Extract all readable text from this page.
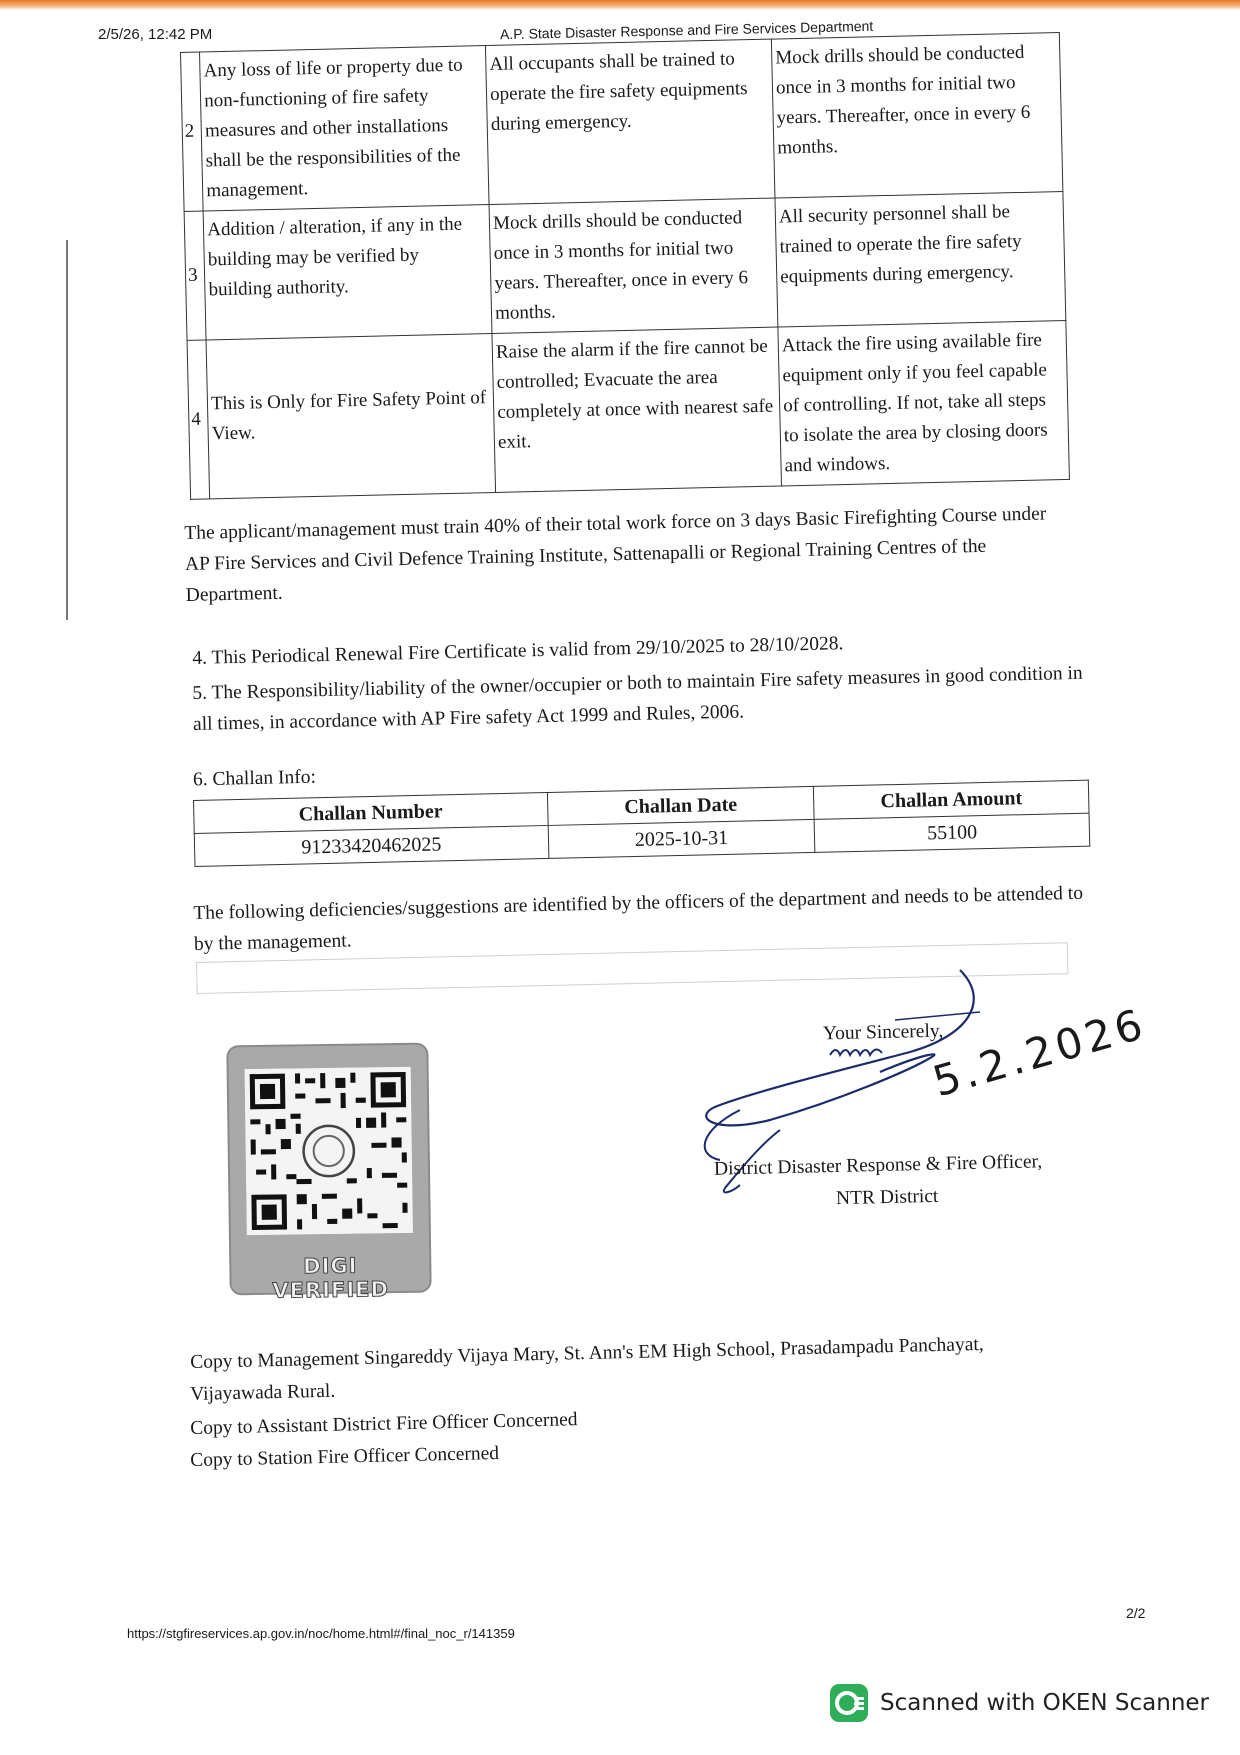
2/5/26, 12:42 PM	A.P. State Disaster Response and Fire Services Department
2	Any loss of life or property due to non-functioning of fire safety measures and other installations shall be the responsibilities of the management.	All occupants shall be trained to operate the fire safety equipments during emergency.	Mock drills should be conducted once in 3 months for initial two years. Thereafter, once in every 6 months.
3	Addition / alteration, if any in the building may be verified by building authority.	Mock drills should be conducted once in 3 months for initial two years. Thereafter, once in every 6 months.	All security personnel shall be trained to operate the fire safety equipments during emergency.
4	This is Only for Fire Safety Point of View.	Raise the alarm if the fire cannot be controlled; Evacuate the area completely at once with nearest safe exit.	Attack the fire using available fire equipment only if you feel capable of controlling. If not, take all steps to isolate the area by closing doors and windows.
The applicant/management must train 40% of their total work force on 3 days Basic Firefighting Course under AP Fire Services and Civil Defence Training Institute, Sattenapalli or Regional Training Centres of the Department.
4. This Periodical Renewal Fire Certificate is valid from 29/10/2025 to 28/10/2028.
5. The Responsibility/liability of the owner/occupier or both to maintain Fire safety measures in good condition in all times, in accordance with AP Fire safety Act 1999 and Rules, 2006.
6. Challan Info:
Challan Number	Challan Date	Challan Amount
91233420462025	2025-10-31	55100
The following deficiencies/suggestions are identified by the officers of the department and needs to be attended to by the management.
DIGI VERIFIED
Your Sincerely,
5.2.2026
District Disaster Response & Fire Officer,
NTR District
Copy to Management Singareddy Vijaya Mary, St. Ann's EM High School, Prasadampadu Panchayat,
Vijayawada Rural.
Copy to Assistant District Fire Officer Concerned
Copy to Station Fire Officer Concerned
https://stgfireservices.ap.gov.in/noc/home.html#/final_noc_r/141359
2/2
Scanned with OKEN Scanner
